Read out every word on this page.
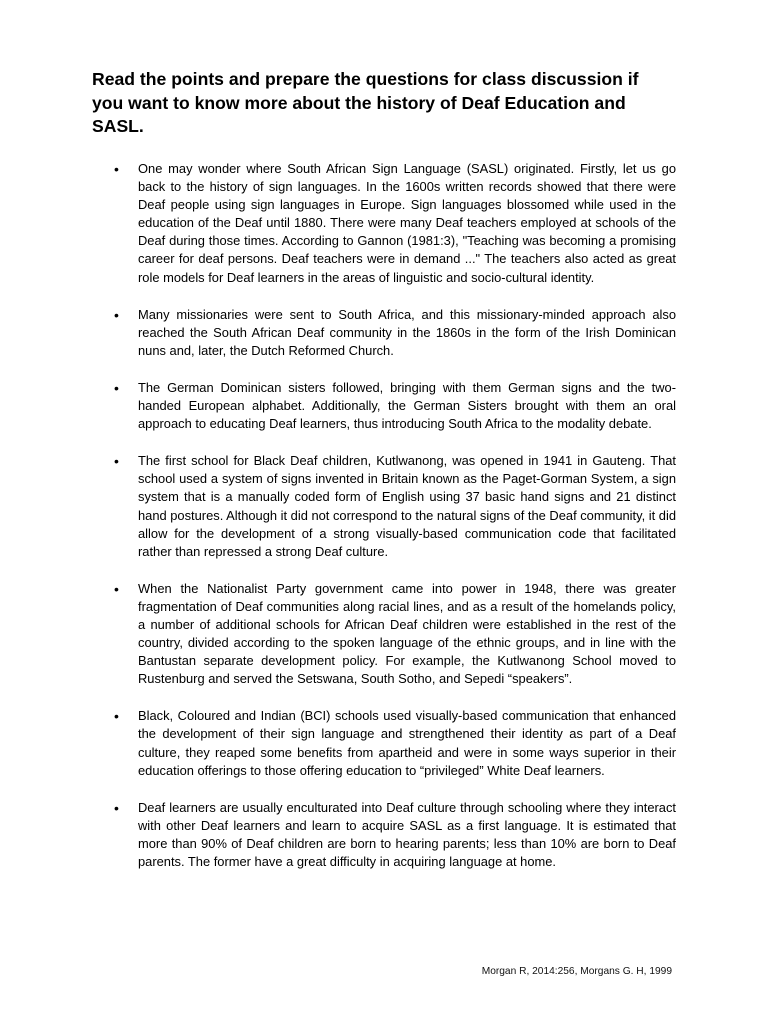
Read the points and prepare the questions for class discussion if you want to know more about the history of Deaf Education and SASL.
• One may wonder where South African Sign Language (SASL) originated. Firstly, let us go back to the history of sign languages. In the 1600s written records showed that there were Deaf people using sign languages in Europe. Sign languages blossomed while used in the education of the Deaf until 1880. There were many Deaf teachers employed at schools of the Deaf during those times. According to Gannon (1981:3), "Teaching was becoming a promising career for deaf persons. Deaf teachers were in demand ..." The teachers also acted as great role models for Deaf learners in the areas of linguistic and socio-cultural identity.
• Many missionaries were sent to South Africa, and this missionary-minded approach also reached the South African Deaf community in the 1860s in the form of the Irish Dominican nuns and, later, the Dutch Reformed Church.
• The German Dominican sisters followed, bringing with them German signs and the two-handed European alphabet. Additionally, the German Sisters brought with them an oral approach to educating Deaf learners, thus introducing South Africa to the modality debate.
• The first school for Black Deaf children, Kutlwanong, was opened in 1941 in Gauteng. That school used a system of signs invented in Britain known as the Paget-Gorman System, a sign system that is a manually coded form of English using 37 basic hand signs and 21 distinct hand postures. Although it did not correspond to the natural signs of the Deaf community, it did allow for the development of a strong visually-based communication code that facilitated rather than repressed a strong Deaf culture.
• When the Nationalist Party government came into power in 1948, there was greater fragmentation of Deaf communities along racial lines, and as a result of the homelands policy, a number of additional schools for African Deaf children were established in the rest of the country, divided according to the spoken language of the ethnic groups, and in line with the Bantustan separate development policy. For example, the Kutlwanong School moved to Rustenburg and served the Setswana, South Sotho, and Sepedi “speakers”.
• Black, Coloured and Indian (BCI) schools used visually-based communication that enhanced the development of their sign language and strengthened their identity as part of a Deaf culture, they reaped some benefits from apartheid and were in some ways superior in their education offerings to those offering education to “privileged” White Deaf learners.
• Deaf learners are usually enculturated into Deaf culture through schooling where they interact with other Deaf learners and learn to acquire SASL as a first language. It is estimated that more than 90% of Deaf children are born to hearing parents; less than 10% are born to Deaf parents. The former have a great difficulty in acquiring language at home.

Morgan R, 2014:256, Morgans G. H, 1999
